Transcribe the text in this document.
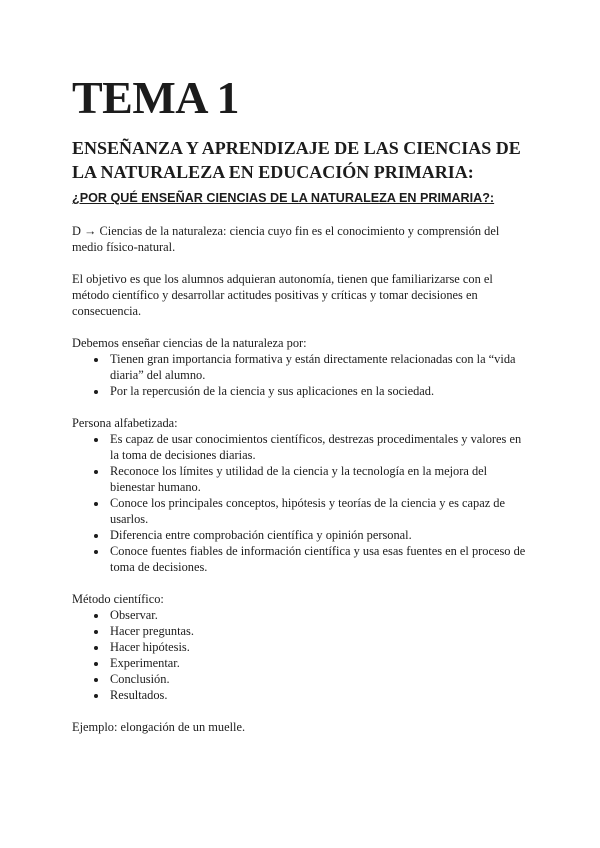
TEMA 1
ENSEÑANZA Y APRENDIZAJE DE LAS CIENCIAS DE LA NATURALEZA EN EDUCACIÓN PRIMARIA:
¿POR QUÉ ENSEÑAR CIENCIAS DE LA NATURALEZA EN PRIMARIA?:

D → Ciencias de la naturaleza: ciencia cuyo fin es el conocimiento y comprensión del medio físico-natural.

El objetivo es que los alumnos adquieran autonomía, tienen que familiarizarse con el método científico y desarrollar actitudes positivas y críticas y tomar decisiones en consecuencia.

Debemos enseñar ciencias de la naturaleza por:

• Tienen gran importancia formativa y están directamente relacionadas con la “vida diaria” del alumno.
• Por la repercusión de la ciencia y sus aplicaciones en la sociedad.

Persona alfabetizada:

• Es capaz de usar conocimientos científicos, destrezas procedimentales y valores en la toma de decisiones diarias.
• Reconoce los límites y utilidad de la ciencia y la tecnología en la mejora del bienestar humano.
• Conoce los principales conceptos, hipótesis y teorías de la ciencia y es capaz de usarlos.
• Diferencia entre comprobación científica y opinión personal.
• Conoce fuentes fiables de información científica y usa esas fuentes en el proceso de toma de decisiones.

Método científico:

• Observar.
• Hacer preguntas.
• Hacer hipótesis.
• Experimentar.
• Conclusión.
• Resultados.

Ejemplo: elongación de un muelle.
